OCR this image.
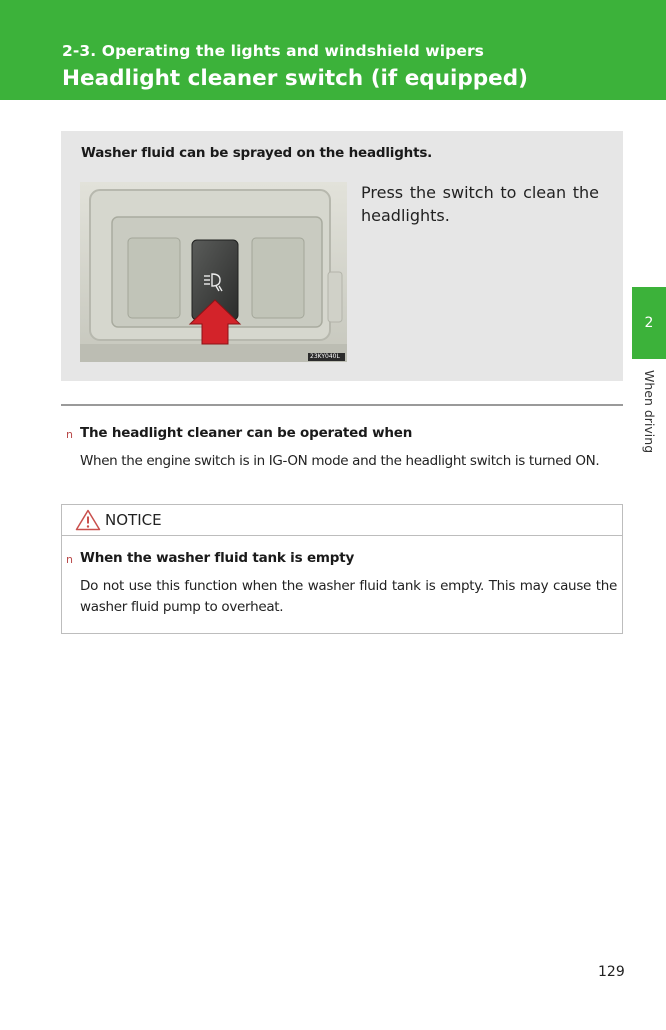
2-3. Operating the lights and windshield wipers
Headlight cleaner switch (if equipped)
2
When driving
Washer fluid can be sprayed on the headlights.
23KY040L
Press the switch to clean the headlights.
n The headlight cleaner can be operated when
When the engine switch is in IG-ON mode and the headlight switch is turned ON.
NOTICE
n When the washer fluid tank is empty
Do not use this function when the washer fluid tank is empty. This may cause the washer fluid pump to overheat.
129
